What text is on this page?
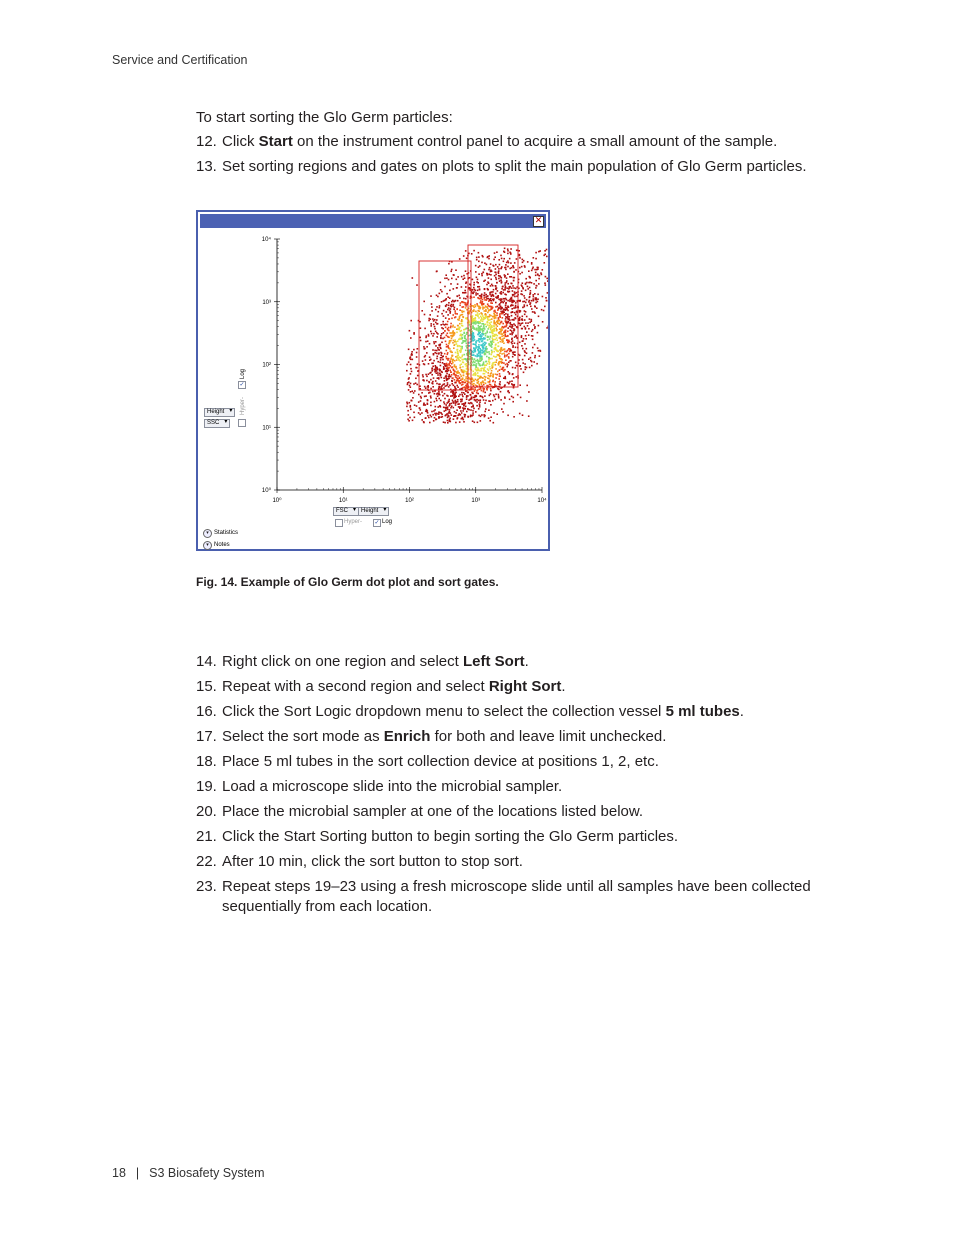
Service and Certification
To start sorting the Glo Germ particles:
12. Click Start on the instrument control panel to acquire a small amount of the sample.
13. Set sorting regions and gates on plots to split the main population of Glo Germ particles.
✕
10⁰
10⁰
10¹
10¹
10²
10²
10³
10³
10⁴
10⁴
Height ▾
SSC ▾
✓
Log
Hyper-
FSC ▾	Height ▾
Hyper- ✓ Log
▾ Statistics
▾ Notes
Fig. 14. Example of Glo Germ dot plot and sort gates.
14. Right click on one region and select Left Sort.
15. Repeat with a second region and select Right Sort.
16. Click the Sort Logic dropdown menu to select the collection vessel 5 ml tubes.
17. Select the sort mode as Enrich for both and leave limit unchecked.
18. Place 5 ml tubes in the sort collection device at positions 1, 2, etc.
19. Load a microscope slide into the microbial sampler.
20. Place the microbial sampler at one of the locations listed below.
21. Click the Start Sorting button to begin sorting the Glo Germ particles.
22. After 10 min, click the sort button to stop sort.
23. Repeat steps 19–23 using a fresh microscope slide until all samples have been collected sequentially from each location.
18 | S3 Biosafety System
